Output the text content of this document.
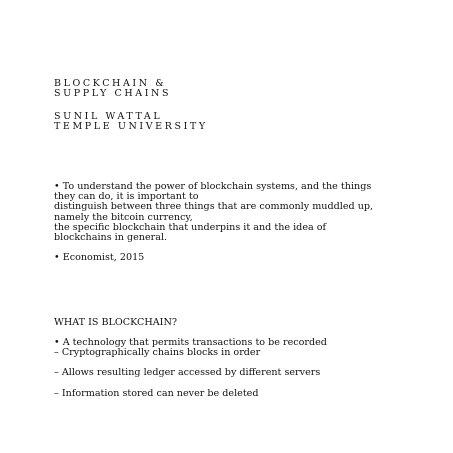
BLOCKCHAIN &
SUPPLY CHAINS
SUNIL WATTAL
TEMPLE UNIVERSITY
• To understand the power of blockchain systems, and the things
they can do, it is important to
distinguish between three things that are commonly muddled up,
namely the bitcoin currency,
the specific blockchain that underpins it and the idea of
blockchains in general.
• Economist, 2015
WHAT IS BLOCKCHAIN?
• A technology that permits transactions to be recorded
– Cryptographically chains blocks in order
– Allows resulting ledger accessed by different servers
– Information stored can never be deleted
